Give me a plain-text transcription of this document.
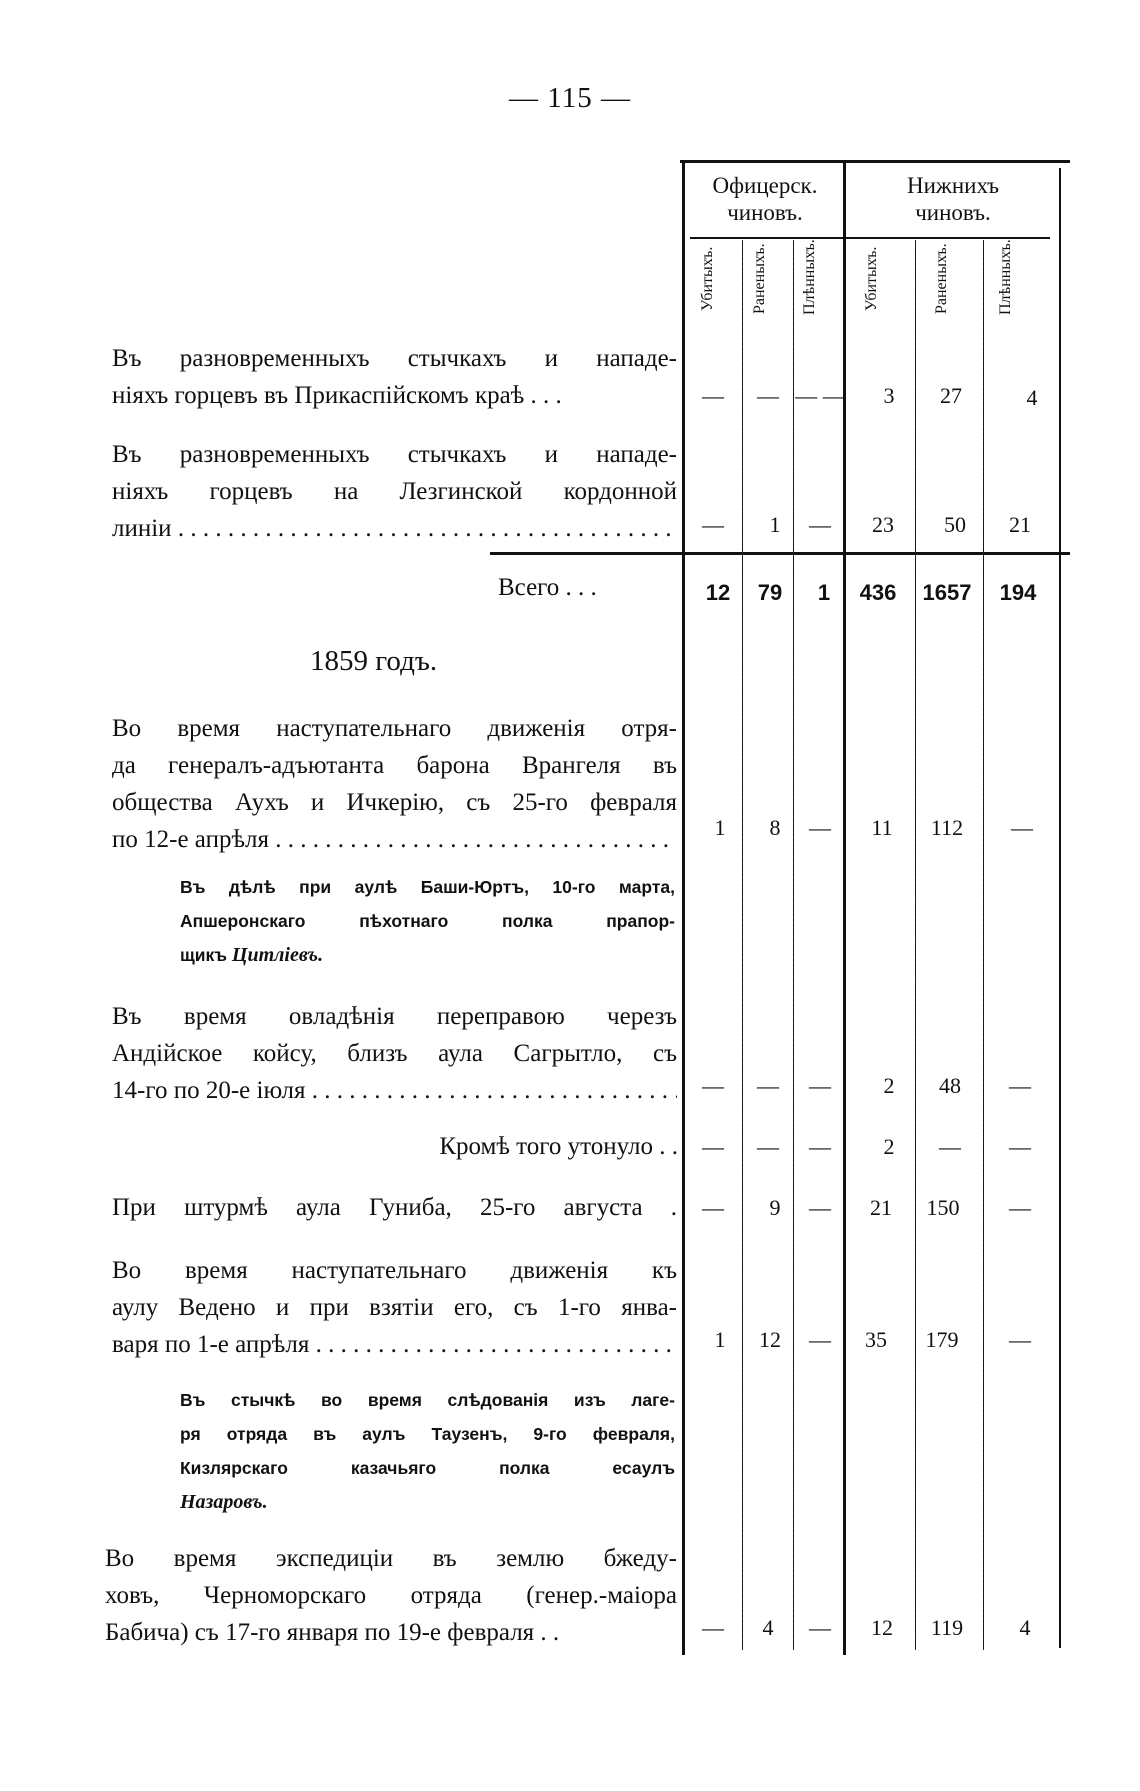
— 115 —
Офицерск.
чиновъ.
Нижнихъ
чиновъ.
Убитыхъ. Раненыхъ. Плѣнныхъ.	Убитыхъ.	Раненыхъ.	Плѣнныхъ.
Въ разновременныхъ стычкахъ и нападе-
ніяхъ горцевъ въ Прикаспійскомъ краѣ . . .	—	— — —	3	27	4
Въ разновременныхъ стычкахъ и нападе-
ніяхъ горцевъ на Лезгинской кордонной
линіи . . .	—	1	—	23	50	21
Всего . . .	12	79	1	436	1657	194
1859 годъ.
Во время наступательнаго движенія отря-
да генералъ-адъютанта барона Врангеля въ
общества Аухъ и Ичкерію, съ 25-го февраля
по 12-е апрѣля . . .	1	8	—	11	112	—
Въ дѣлѣ при аулѣ Баши-Юртъ, 10-го марта,
Апшеронскаго пѣхотнаго полка прапор-
щикъ Цитліевъ.
Въ время овладѣнія переправою черезъ
Андійское койсу, близъ аула Сагрытло, съ
14-го по 20-е іюля . . .	—	—	—	2	48	—
Кромѣ того утонуло . .	—	—	—	2	—	—
При штурмѣ аула Гуниба, 25-го августа .	—	9	—	21	150	—
Во время наступательнаго движенія къ
аулу Ведено и при взятіи его, съ 1-го янва-
варя по 1-е апрѣля . . .	1	12	—	35	179	—
Въ стычкѣ во время слѣдованія изъ лаге-
ря отряда въ аулъ Таузенъ, 9-го февраля,
Кизлярскаго казачьяго полка есаулъ
Назаровъ.
Во время экспедиціи въ землю бжеду-
ховъ, Черноморскаго отряда (генер.-маіора
Бабича) съ 17-го января по 19-е февраля . .	—	4	—	12	119	4
